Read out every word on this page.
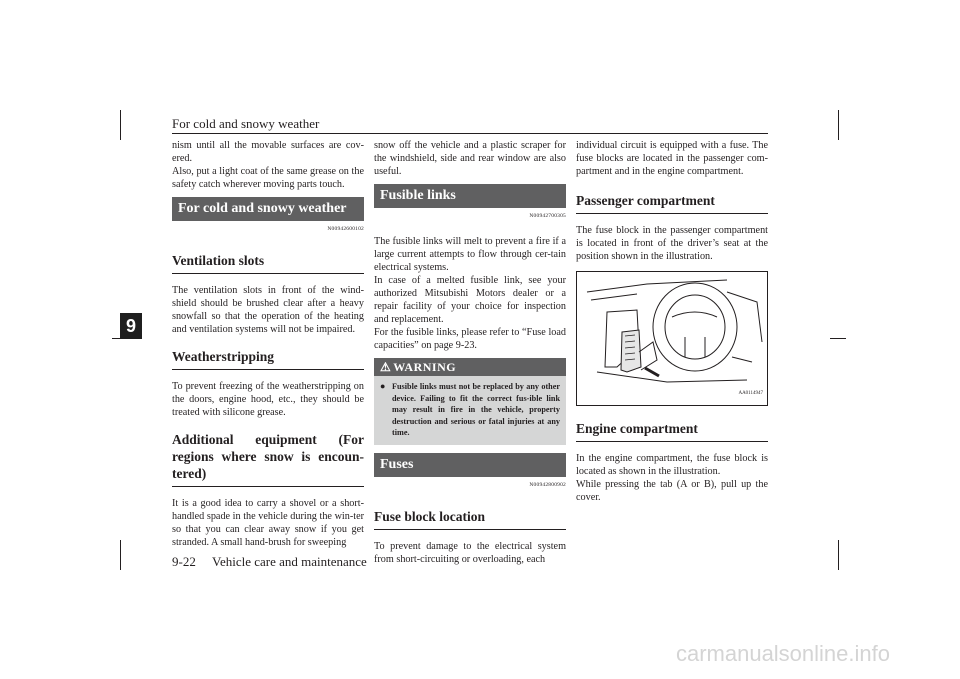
For cold and snowy weather
9

nism until all the movable surfaces are cov-ered.

Also, put a light coat of the same grease on the safety catch wherever moving parts touch.

For cold and snowy weather
N00942600102
Ventilation slots

The ventilation slots in front of the wind-shield should be brushed clear after a heavy snowfall so that the operation of the heating and ventilation systems will not be impaired.

Weatherstripping

To prevent freezing of the weatherstripping on the doors, engine hood, etc., they should be treated with silicone grease.

Additional equipment (For regions where snow is encoun-tered)

It is a good idea to carry a shovel or a short-handled spade in the vehicle during the win-ter so that you can clear away snow if you get stranded. A small hand-brush for sweeping

snow off the vehicle and a plastic scraper for the windshield, side and rear window are also useful.

Fusible links
N00942700305

The fusible links will melt to prevent a fire if a large current attempts to flow through cer-tain electrical systems.

In case of a melted fusible link, see your authorized Mitsubishi Motors dealer or a repair facility of your choice for inspection and replacement.

For the fusible links, please refer to “Fuse load capacities” on page 9-23.

⚠ WARNING
● Fusible links must not be replaced by any other device. Failing to fit the correct fus-ible link may result in fire in the vehicle, property destruction and serious or fatal injuries at any time.
Fuses
N00942800902
Fuse block location

To prevent damage to the electrical system from short-circuiting or overloading, each

individual circuit is equipped with a fuse. The fuse blocks are located in the passenger com-partment and in the engine compartment.

Passenger compartment

The fuse block in the passenger compartment is located in front of the driver’s seat at the position shown in the illustration.

AA0114947
Engine compartment

In the engine compartment, the fuse block is located as shown in the illustration.

While pressing the tab (A or B), pull up the cover.

9-22 Vehicle care and maintenance
carmanualsonline.info
